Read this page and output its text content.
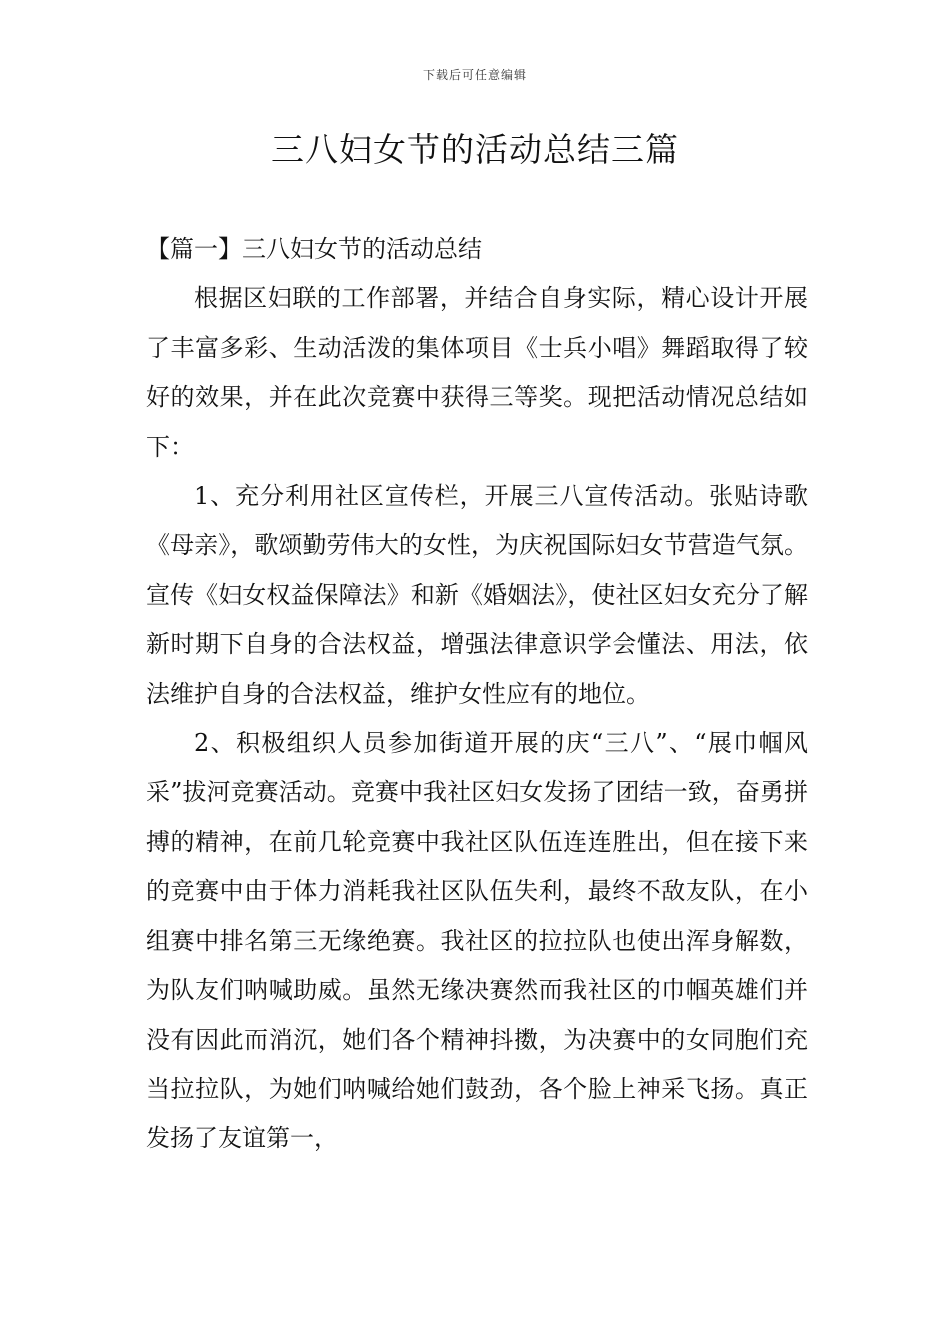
下载后可任意编辑
三八妇女节的活动总结三篇

【篇一】三八妇女节的活动总结

根据区妇联的工作部署，并结合自身实际，精心设计开展了丰富多彩、生动活泼的集体项目《士兵小唱》舞蹈取得了较好的效果，并在此次竞赛中获得三等奖。现把活动情况总结如下：

1、充分利用社区宣传栏，开展三八宣传活动。张贴诗歌《母亲》，歌颂勤劳伟大的女性，为庆祝国际妇女节营造气氛。宣传《妇女权益保障法》和新《婚姻法》，使社区妇女充分了解新时期下自身的合法权益，增强法律意识学会懂法、用法，依法维护自身的合法权益，维护女性应有的地位。

2、积极组织人员参加街道开展的庆“三八”、“展巾帼风采”拔河竞赛活动。竞赛中我社区妇女发扬了团结一致，奋勇拼搏的精神，在前几轮竞赛中我社区队伍连连胜出，但在接下来的竞赛中由于体力消耗我社区队伍失利，最终不敌友队，在小组赛中排名第三无缘绝赛。我社区的拉拉队也使出浑身解数，为队友们呐喊助威。虽然无缘决赛然而我社区的巾帼英雄们并没有因此而消沉，她们各个精神抖擞，为决赛中的女同胞们充当拉拉队，为她们呐喊给她们鼓劲，各个脸上神采飞扬。真正发扬了友谊第一，
